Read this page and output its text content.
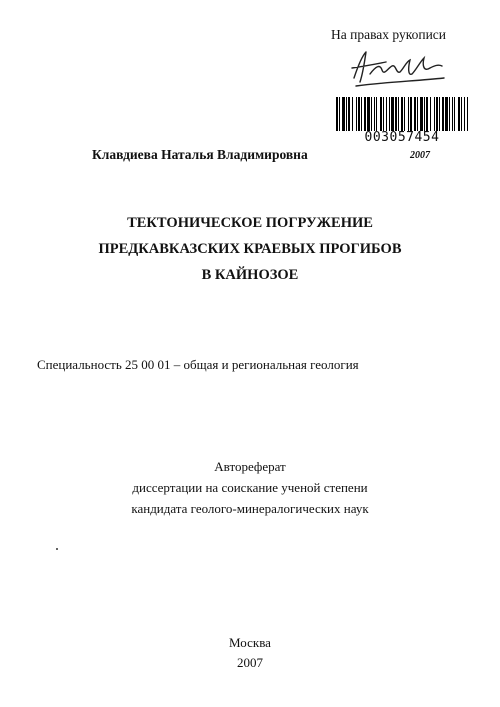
На правах рукописи
003057454
2007
Клавдиева Наталья Владимировна
ТЕКТОНИЧЕСКОЕ ПОГРУЖЕНИЕ
ПРЕДКАВКАЗСКИХ КРАЕВЫХ ПРОГИБОВ
В КАЙНОЗОЕ
Специальность 25 00 01 – общая и региональная геология
Автореферат
диссертации на соискание ученой степени
кандидата геолого-минералогических наук
Москва
2007
